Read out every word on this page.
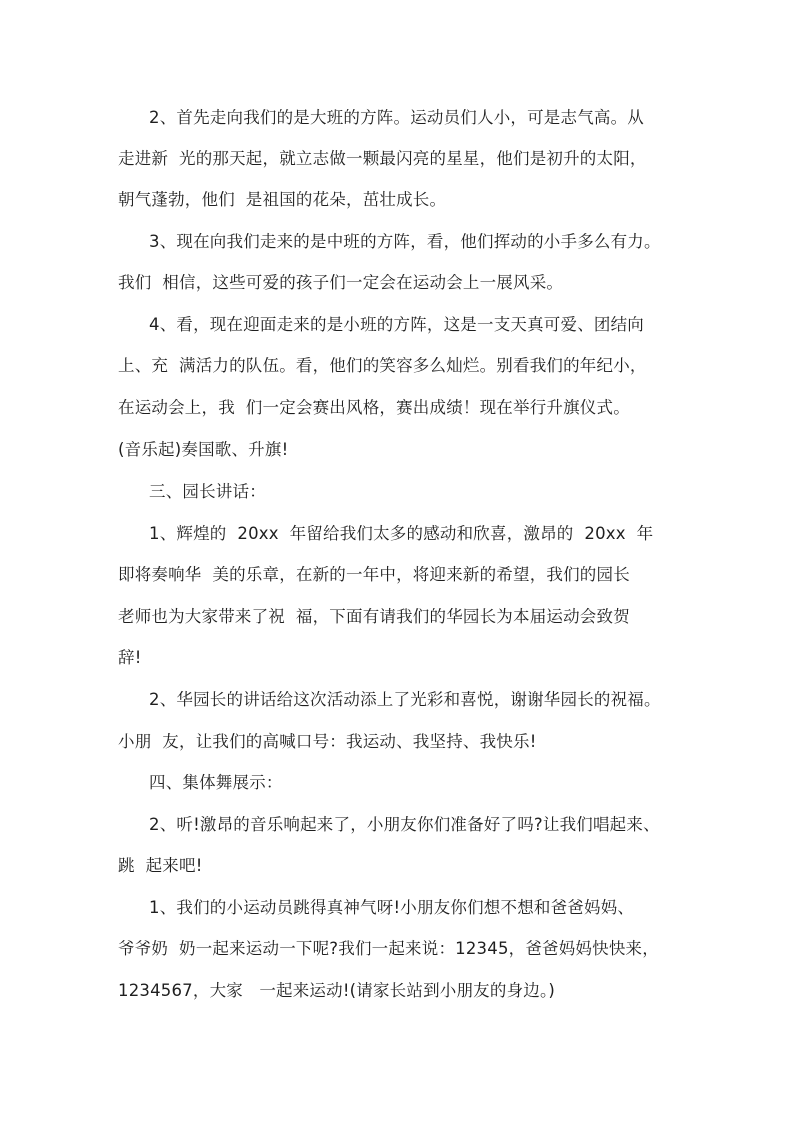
2、首先走向我们的是大班的方阵。运动员们人小，可是志气高。从
走进新  光的那天起，就立志做一颗最闪亮的星星，他们是初升的太阳，
朝气蓬勃，他们  是祖国的花朵，茁壮成长。
3、现在向我们走来的是中班的方阵，看，他们挥动的小手多么有力。
我们  相信，这些可爱的孩子们一定会在运动会上一展风采。
4、看，现在迎面走来的是小班的方阵，这是一支天真可爱、团结向
上、充  满活力的队伍。看，他们的笑容多么灿烂。别看我们的年纪小，
在运动会上，我  们一定会赛出风格，赛出成绩！现在举行升旗仪式。
(音乐起)奏国歌、升旗!
三、园长讲话：
1、辉煌的  20xx  年留给我们太多的感动和欣喜，激昂的  20xx  年
即将奏响华  美的乐章，在新的一年中，将迎来新的希望，我们的园长
老师也为大家带来了祝  福，下面有请我们的华园长为本届运动会致贺
辞!
2、华园长的讲话给这次活动添上了光彩和喜悦，谢谢华园长的祝福。
小朋  友，让我们的高喊口号：我运动、我坚持、我快乐!
四、集体舞展示：
2、听!激昂的音乐响起来了，小朋友你们准备好了吗?让我们唱起来、
跳  起来吧!
1、我们的小运动员跳得真神气呀!小朋友你们想不想和爸爸妈妈、
爷爷奶  奶一起来运动一下呢?我们一起来说：12345，爸爸妈妈快快来，
1234567，大家   一起来运动!(请家长站到小朋友的身边。)
